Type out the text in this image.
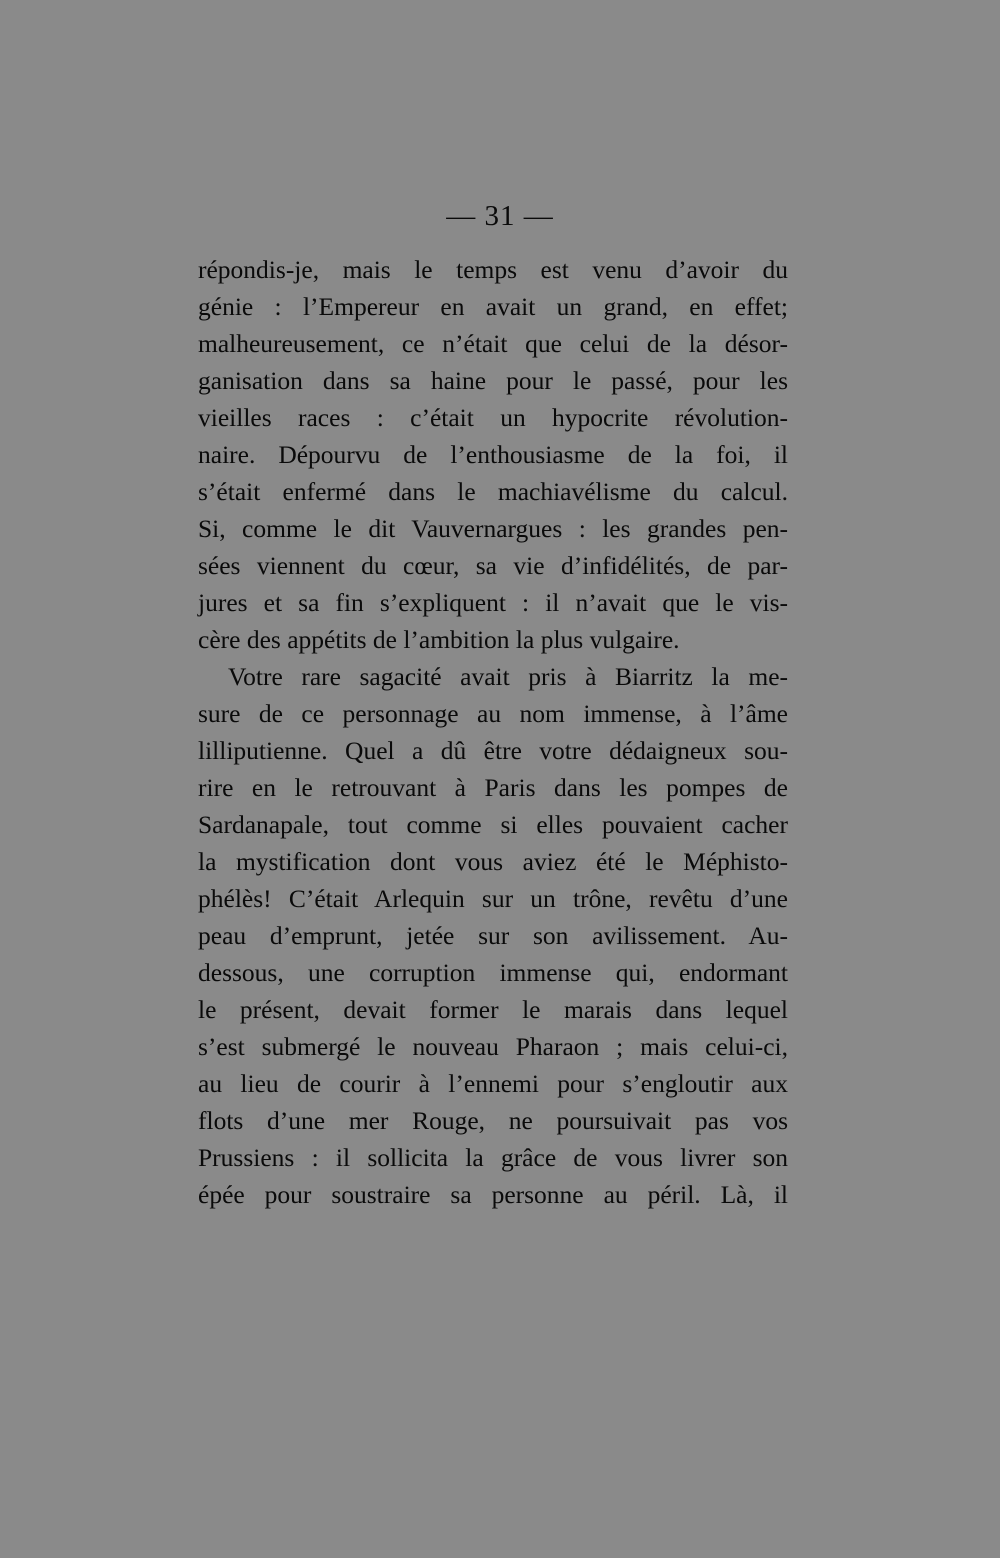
— 31 —
répondis-je, mais le temps est venu d’avoir du
génie : l’Empereur en avait un grand, en effet;
malheureusement, ce n’était que celui de la désor-
ganisation dans sa haine pour le passé, pour les
vieilles races : c’était un hypocrite révolution-
naire. Dépourvu de l’enthousiasme de la foi, il
s’était enfermé dans le machiavélisme du calcul.
Si, comme le dit Vauvernargues : les grandes pen-
sées viennent du cœur, sa vie d’infidélités, de par-
jures et sa fin s’expliquent : il n’avait que le vis-
cère des appétits de l’ambition la plus vulgaire.
Votre rare sagacité avait pris à Biarritz la me-
sure de ce personnage au nom immense, à l’âme
lilliputienne. Quel a dû être votre dédaigneux sou-
rire en le retrouvant à Paris dans les pompes de
Sardanapale, tout comme si elles pouvaient cacher
la mystification dont vous aviez été le Méphisto-
phélès! C’était Arlequin sur un trône, revêtu d’une
peau d’emprunt, jetée sur son avilissement. Au-
dessous, une corruption immense qui, endormant
le présent, devait former le marais dans lequel
s’est submergé le nouveau Pharaon ; mais celui-ci,
au lieu de courir à l’ennemi pour s’engloutir aux
flots d’une mer Rouge, ne poursuivait pas vos
Prussiens : il sollicita la grâce de vous livrer son
épée pour soustraire sa personne au péril. Là, il
